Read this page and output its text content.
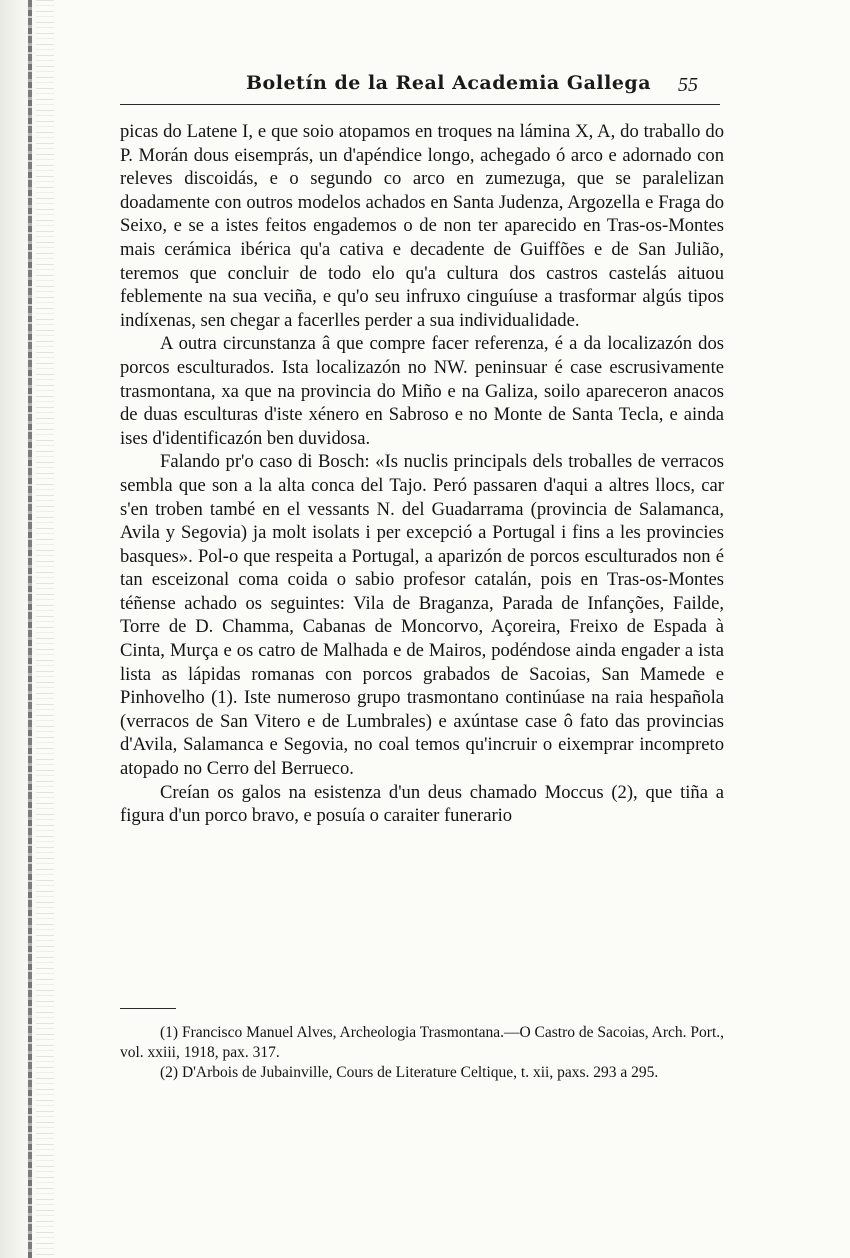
Boletín de la Real Academia Gallega 55

picas do Latene I, e que soio atopamos en troques na lámina X, A, do traballo do P. Morán dous eisemprás, un d'apéndice longo, achegado ó arco e adornado con releves discoidás, e o segundo co arco en zumezuga, que se paralelizan doadamente con outros modelos achados en Santa Judenza, Argozella e Fraga do Seixo, e se a istes feitos engademos o de non ter aparecido en Tras-os-Montes mais cerámica ibérica qu'a cativa e decadente de Guiffões e de San Julião, teremos que concluir de todo elo qu'a cultura dos castros castelás aituou feblemente na sua veciña, e qu'o seu infruxo cinguíuse a trasformar algús tipos indíxenas, sen chegar a facerlles perder a sua individualidade.

A outra circunstanza â que compre facer referenza, é a da localizazón dos porcos esculturados. Ista localizazón no NW. peninsuar é case escrusivamente trasmontana, xa que na provincia do Miño e na Galiza, soilo apareceron anacos de duas esculturas d'iste xénero en Sabroso e no Monte de Santa Tecla, e ainda ises d'identificazón ben duvidosa.

Falando pr'o caso di Bosch: «Is nuclis principals dels troballes de verracos sembla que son a la alta conca del Tajo. Peró passaren d'aqui a altres llocs, car s'en troben també en el vessants N. del Guadarrama (provincia de Salamanca, Avila y Segovia) ja molt isolats i per excepció a Portugal i fins a les provincies basques». Pol-o que respeita a Portugal, a aparizón de porcos esculturados non é tan esceizonal coma coida o sabio profesor catalán, pois en Tras-os-Montes téñense achado os seguintes: Vila de Braganza, Parada de Infanções, Failde, Torre de D. Chamma, Cabanas de Moncorvo, Açoreira, Freixo de Espada à Cinta, Murça e os catro de Malhada e de Mairos, podéndose ainda engader a ista lista as lápidas romanas con porcos grabados de Sacoias, San Mamede e Pinhovelho (1). Iste numeroso grupo trasmontano continúase na raia hespañola (verracos de San Vitero e de Lumbrales) e axúntase case ô fato das provincias d'Avila, Salamanca e Segovia, no coal temos qu'incruir o eixemprar incompreto atopado no Cerro del Berrueco.

Creían os galos na esistenza d'un deus chamado Moccus (2), que tiña a figura d'un porco bravo, e posuía o caraiter funerario

(1) Francisco Manuel Alves, Archeologia Trasmontana.—O Castro de Sacoias, Arch. Port., vol. xxiii, 1918, pax. 317.

(2) D'Arbois de Jubainville, Cours de Literature Celtique, t. xii, paxs. 293 a 295.
